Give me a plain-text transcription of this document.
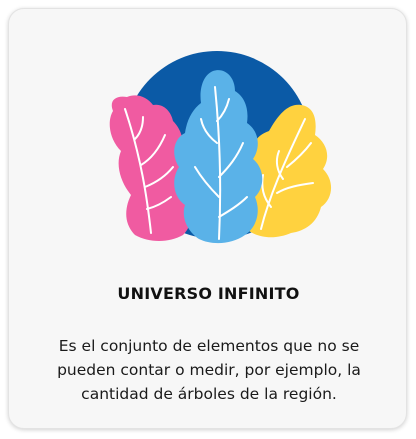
UNIVERSO INFINITO
Es el conjunto de elementos que no se pueden contar o medir, por ejemplo, la cantidad de árboles de la región.
